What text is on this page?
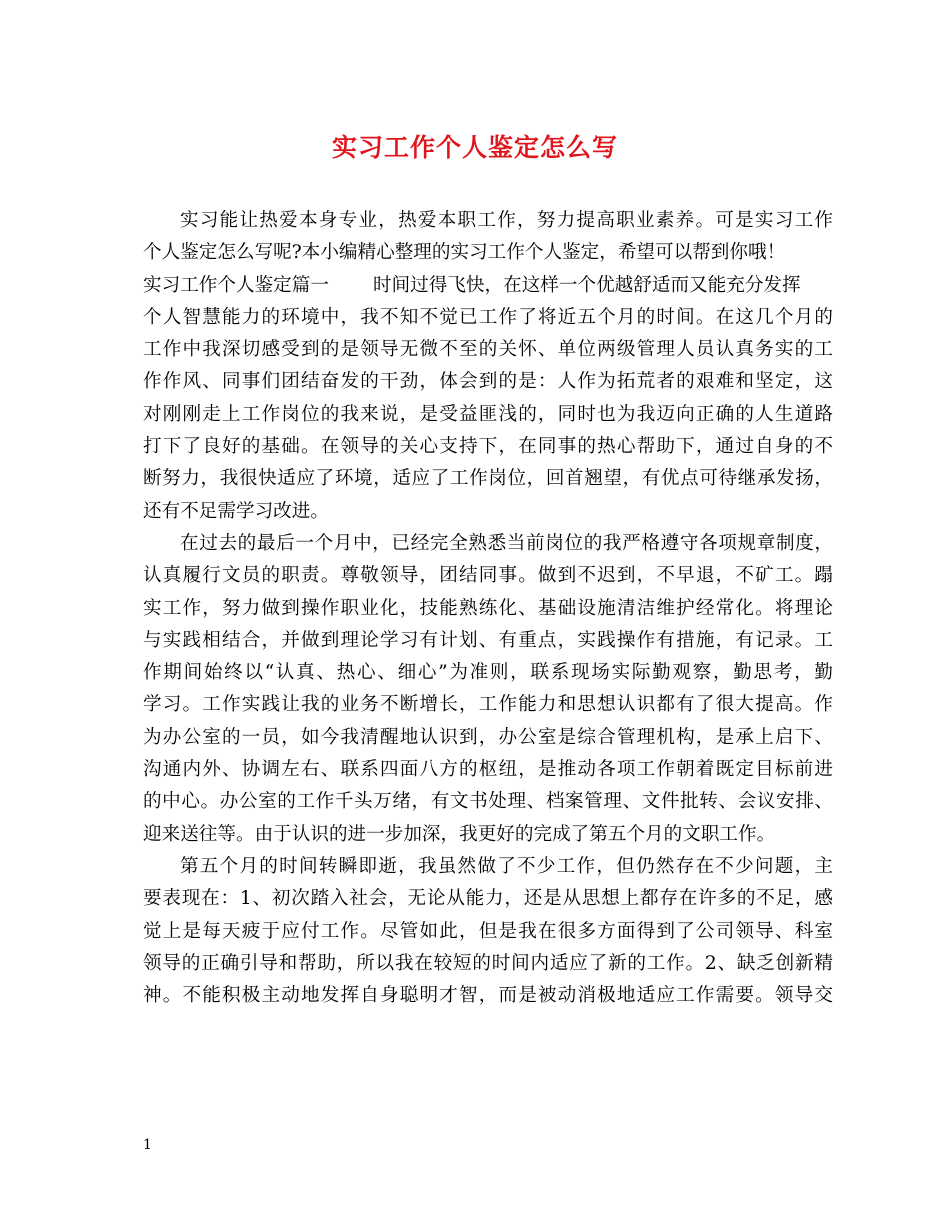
实习工作个人鉴定怎么写
实习能让热爱本身专业，热爱本职工作，努力提高职业素养。可是实习工作
个人鉴定怎么写呢?本小编精心整理的实习工作个人鉴定，希望可以帮到你哦！
实习工作个人鉴定篇一 时间过得飞快，在这样一个优越舒适而又能充分发挥
个人智慧能力的环境中，我不知不觉已工作了将近五个月的时间。在这几个月的
工作中我深切感受到的是领导无微不至的关怀、单位两级管理人员认真务实的工
作作风、同事们团结奋发的干劲，体会到的是：人作为拓荒者的艰难和坚定，这
对刚刚走上工作岗位的我来说，是受益匪浅的，同时也为我迈向正确的人生道路
打下了良好的基础。在领导的关心支持下，在同事的热心帮助下，通过自身的不
断努力，我很快适应了环境，适应了工作岗位，回首翘望，有优点可待继承发扬，
还有不足需学习改进。
在过去的最后一个月中，已经完全熟悉当前岗位的我严格遵守各项规章制度，
认真履行文员的职责。尊敬领导，团结同事。做到不迟到，不早退，不矿工。蹋
实工作，努力做到操作职业化，技能熟练化、基础设施清洁维护经常化。将理论
与实践相结合，并做到理论学习有计划、有重点，实践操作有措施，有记录。工
作期间始终以“认真、热心、细心”为准则，联系现场实际勤观察，勤思考，勤
学习。工作实践让我的业务不断增长，工作能力和思想认识都有了很大提高。作
为办公室的一员，如今我清醒地认识到，办公室是综合管理机构，是承上启下、
沟通内外、协调左右、联系四面八方的枢纽，是推动各项工作朝着既定目标前进
的中心。办公室的工作千头万绪，有文书处理、档案管理、文件批转、会议安排、
迎来送往等。由于认识的进一步加深，我更好的完成了第五个月的文职工作。
第五个月的时间转瞬即逝，我虽然做了不少工作，但仍然存在不少问题，主
要表现在：1、初次踏入社会，无论从能力，还是从思想上都存在许多的不足，感
觉上是每天疲于应付工作。尽管如此，但是我在很多方面得到了公司领导、科室
领导的正确引导和帮助，所以我在较短的时间内适应了新的工作。2、缺乏创新精
神。不能积极主动地发挥自身聪明才智，而是被动消极地适应工作需要。领导交
1
